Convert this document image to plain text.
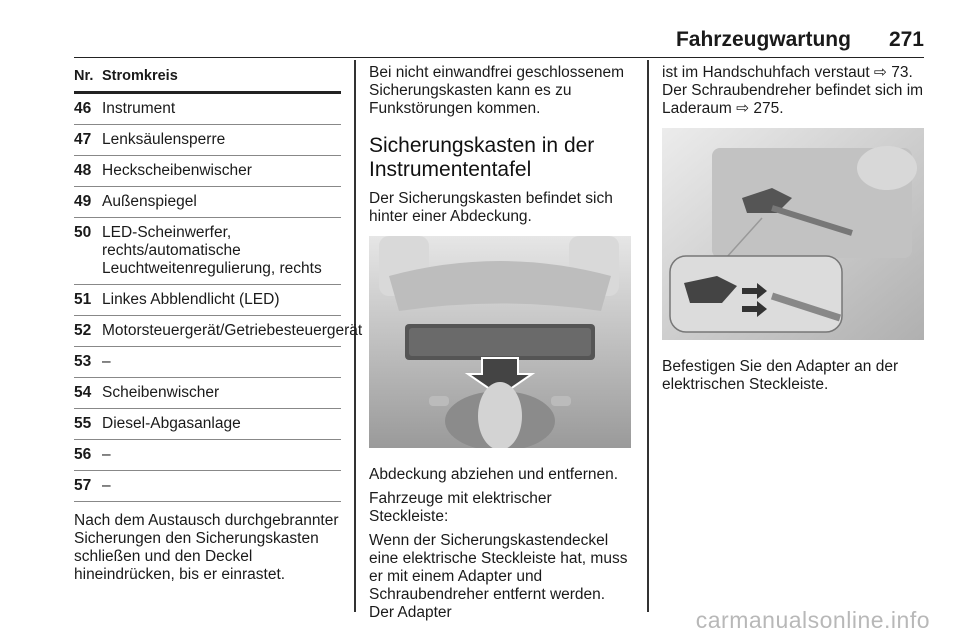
Fahrzeugwartung 271
Nr. Stromkreis
46 Instrument
47 Lenksäulensperre
48 Heckscheibenwischer
49 Außenspiegel
50 LED-Scheinwerfer, rechts/automatische Leuchtweitenregulierung, rechts
51 Linkes Abblendlicht (LED)
52 Motorsteuergerät/Getriebesteuergerät
53 –
54 Scheibenwischer
55 Diesel-Abgasanlage
56 –
57 –
Nach dem Austausch durchgebrannter Sicherungen den Sicherungskasten schließen und den Deckel hineindrücken, bis er einrastet.
Bei nicht einwandfrei geschlossenem Sicherungskasten kann es zu Funkstörungen kommen.
Sicherungskasten in der Instrumententafel
Der Sicherungskasten befindet sich hinter einer Abdeckung.
Abdeckung abziehen und entfernen.
Fahrzeuge mit elektrischer Steckleiste:
Wenn der Sicherungskastendeckel eine elektrische Steckleiste hat, muss er mit einem Adapter und Schraubendreher entfernt werden. Der Adapter
ist im Handschuhfach verstaut ⇨ 73. Der Schraubendreher befindet sich im Laderaum ⇨ 275.
Befestigen Sie den Adapter an der elektrischen Steckleiste.
carmanualsonline.info
